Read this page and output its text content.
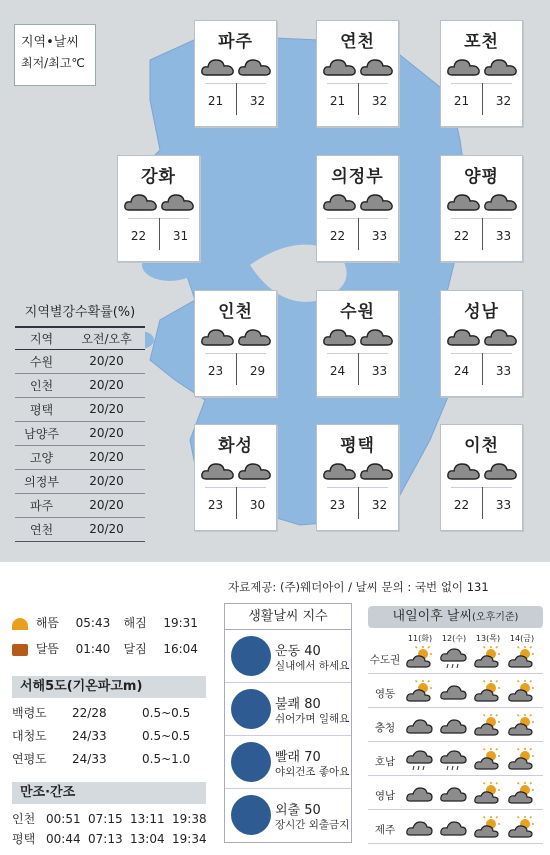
지역•날씨
최저/최고℃
파주
21	32
연천
21	32
포천
21	32
강화
22	31
의정부
22	33
양평
22	33
인천
23	29
수원
24	33
성남
24	33
화성
23	30
평택
23	32
이천
22	33
지역별강수확률(%)
지역	오전/오후
수원	20/20
인천	20/20
평택	20/20
남양주	20/20
고양	20/20
의정부	20/20
파주	20/20
연천	20/20
자료제공: (주)웨더아이 / 날씨 문의 : 국번 없이 131
해뜸 05:43 해짐 19:31
달뜸 01:40 달짐 16:04
서해5도(기온파고m)
백령도 22/28	0.5~0.5
대청도 24/33	0.5~0.5
연평도 24/33	0.5~1.0
만조·간조
인천 00:51 07:15 13:11 19:38
평택 00:44 07:13 13:04 19:34
생활날씨 지수
운동 40
실내에서 하세요
불쾌 80
쉬어가며 일해요
빨래 70
야외건조 좋아요
외출 50
장시간 외출금지
내일이후 날씨(오후기준)
11(화)	12(수)	13(목)	14(금)
수도권
영동
충청
호남
영남
제주
